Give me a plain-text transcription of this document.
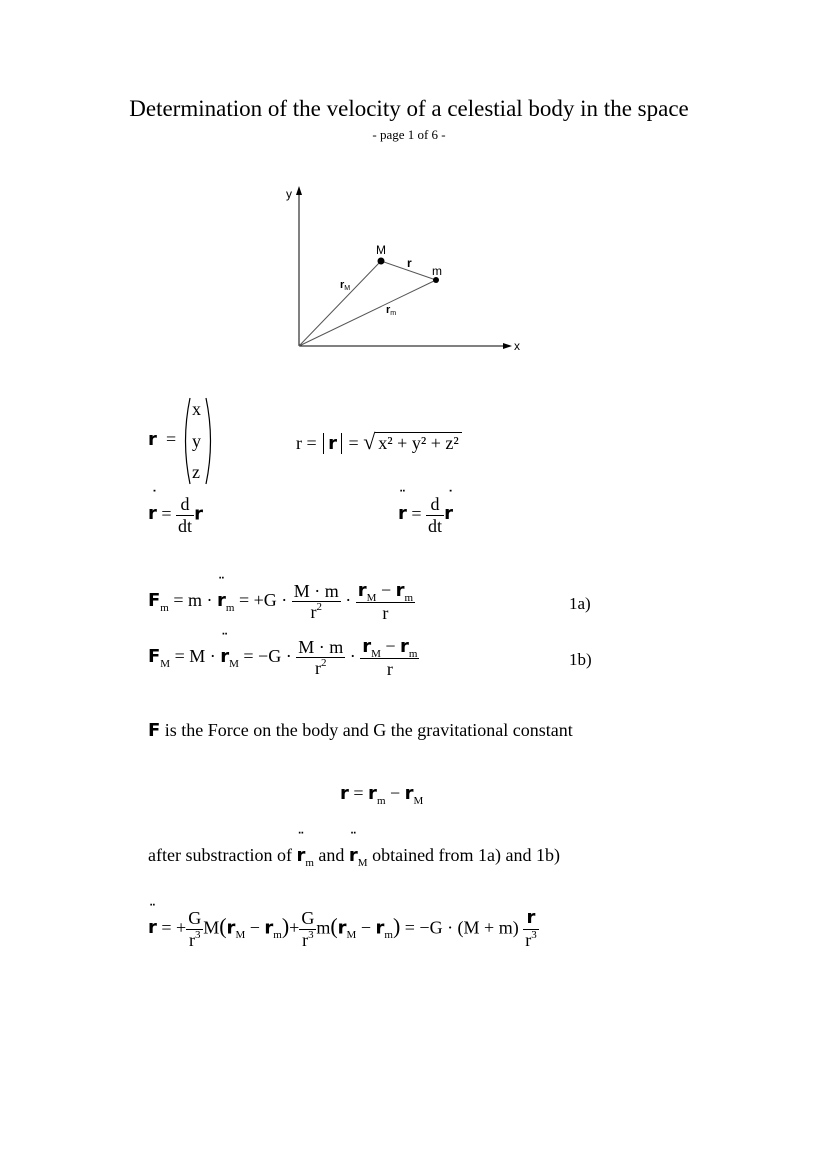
Determination of the velocity of a celestial body in the space
- page 1 of 6 -
y
x
M
m
r
rM
rm
r =
x
y
z
r = r = √ x² + y² + z²
r
˙
= $\frac{d}{dt}$ r	r
¨
= $\frac{d}{dt}$ r
˙
$F_m = m \cdot r$
¨
$_m = +G \cdot \frac{M \cdot m}{r^2} \cdot \frac{r_M - r_m}{r}$	1a)
$F_M = M \cdot r$
¨
$_M = -G \cdot \frac{M \cdot m}{r^2} \cdot \frac{r_M - r_m}{r}$	1b)
F is the Force on the body and G the gravitational constant
$r = r_m - r_M$
after substraction of r
¨
$_m$ and r
¨
$_M$ obtained from 1a) and 1b)
r
¨
= + $\frac{G}{r^3} M(r_M - r_m)+ \frac{G}{r^3} m(r_M - r_m) = -G \cdot (M + m) \frac{r}{r^3}$
